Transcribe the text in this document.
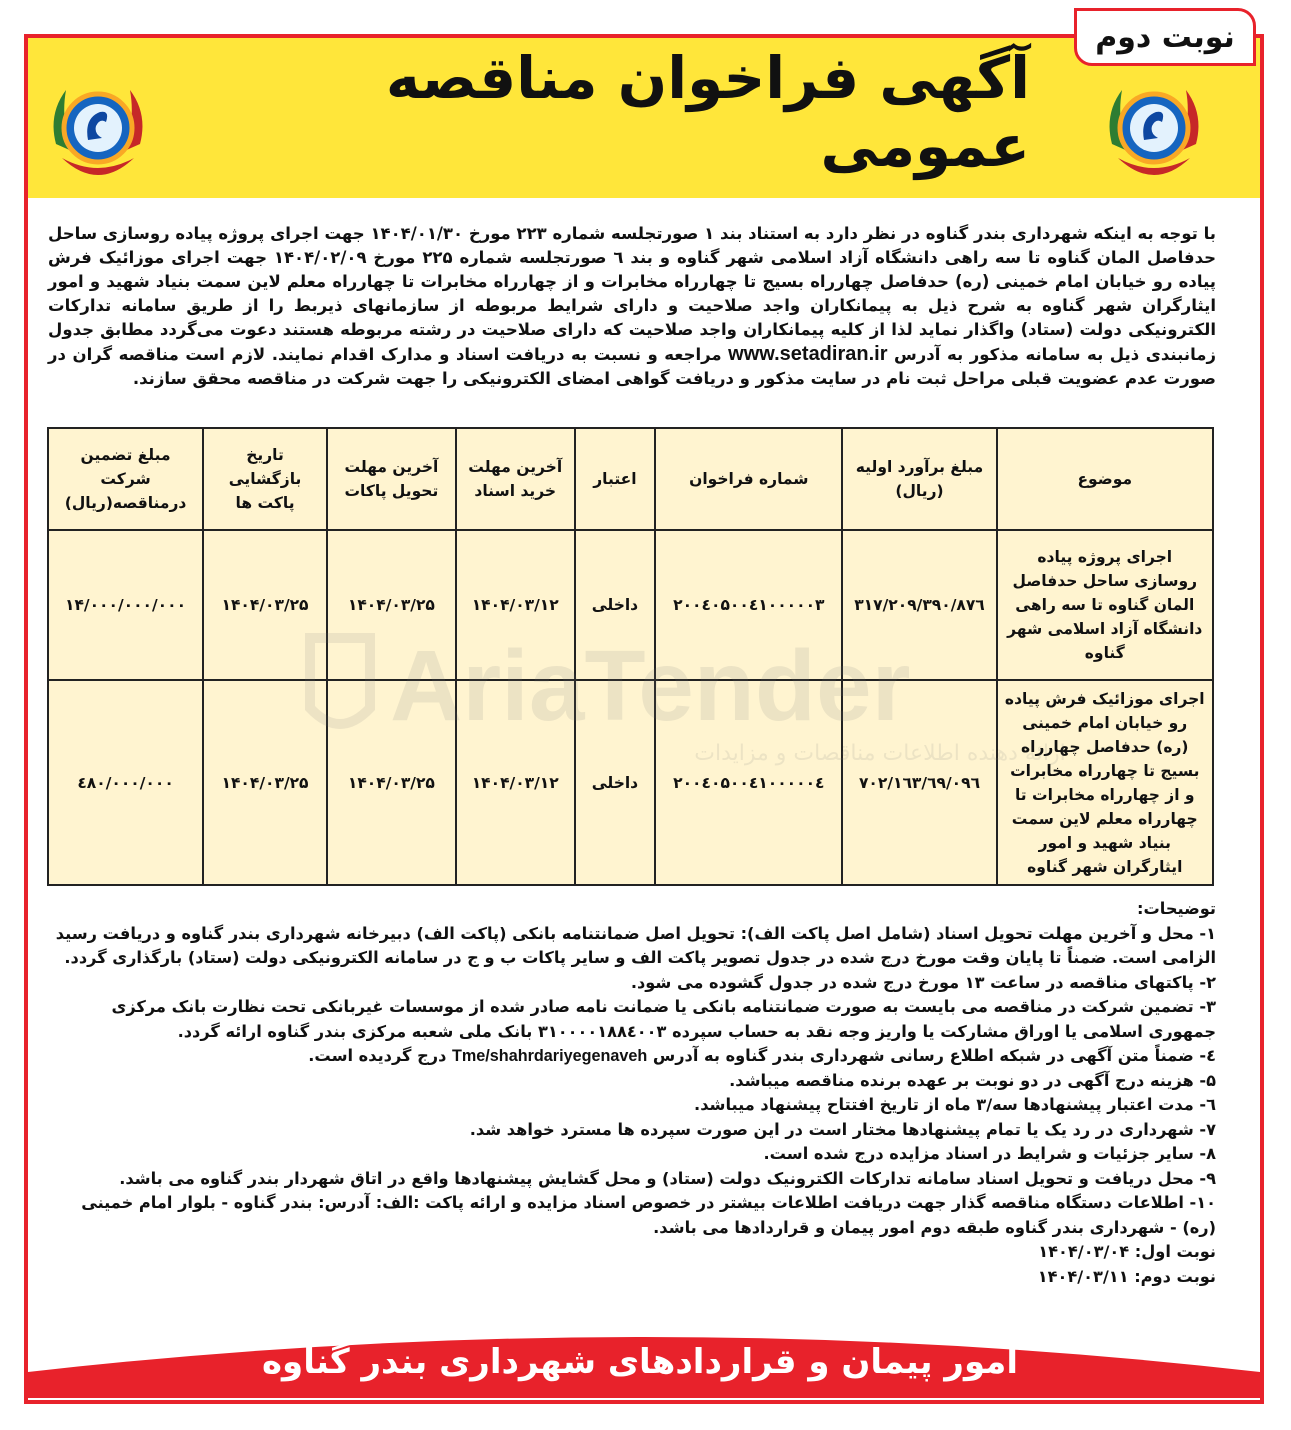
نوبت دوم
آگهی فراخوان مناقصه عمومی
با توجه به اینکه شهرداری بندر گناوه در نظر دارد به استناد بند ۱ صورتجلسه شماره ۲۲۳ مورخ ۱۴۰۴/۰۱/۳۰ جهت اجرای پروژه پیاده روسازی ساحل حدفاصل المان گناوه تا سه راهی دانشگاه آزاد اسلامی شهر گناوه و بند ٦ صورتجلسه شماره ۲۲۵ مورخ ۱۴۰۴/۰۲/۰۹ جهت اجرای موزائیک فرش پیاده رو خیابان امام خمینی (ره) حدفاصل چهارراه بسیج تا چهارراه مخابرات و از چهارراه مخابرات تا چهارراه معلم لاین سمت بنیاد شهید و امور ایثارگران شهر گناوه به شرح ذیل به پیمانکاران واجد صلاحیت و دارای شرایط مربوطه از سازمانهای ذیربط را از طریق سامانه تدارکات الکترونیکی دولت (ستاد) واگذار نماید لذا از کلیه پیمانکاران واجد صلاحیت که دارای صلاحیت در رشته مربوطه هستند دعوت می‌گردد مطابق جدول زمانبندی ذیل به سامانه مذکور به آدرس www.setadiran.ir مراجعه و نسبت به دریافت اسناد و مدارک اقدام نمایند. لازم است مناقصه گران در صورت عدم عضویت قبلی مراحل ثبت نام در سایت مذکور و دریافت گواهی امضای الکترونیکی را جهت شرکت در مناقصه محقق سازند.
موضوع	مبلغ برآورد اولیه (ریال)	شماره فراخوان	اعتبار	آخرین مهلت خرید اسناد	آخرین مهلت تحویل پاکات	تاریخ بازگشایی پاکت ها	مبلغ تضمین شرکت درمناقصه(ریال)
اجرای پروژه پیاده روسازی ساحل حدفاصل المان گناوه تا سه راهی دانشگاه آزاد اسلامی شهر گناوه	۲۰۹/۳۹۰/۸۷٦/۳۱۷	۲۰۰٤۰۵۰۰٤۱۰۰۰۰۰۳	داخلی	۱۴۰۴/۰۳/۱۲	۱۴۰۴/۰۳/۲۵	۱۴۰۴/۰۳/۲۵	۱۴/۰۰۰/۰۰۰/۰۰۰
اجرای موزائیک فرش پیاده رو خیابان امام خمینی (ره) حدفاصل چهارراه بسیج تا چهارراه مخابرات و از چهارراه مخابرات تا چهارراه معلم لاین سمت بنیاد شهید و امور ایثارگران شهر گناوه	٦۹/۰۹٦/۷۰۲/۱٦۳	۲۰۰٤۰۵۰۰٤۱۰۰۰۰۰٤	داخلی	۱۴۰۴/۰۳/۱۲	۱۴۰۴/۰۳/۲۵	۱۴۰۴/۰۳/۲۵	٤۸۰/۰۰۰/۰۰۰
توضیحات:
۱- محل و آخرین مهلت تحویل اسناد (شامل اصل پاکت الف): تحویل اصل ضمانتنامه بانکی (پاکت الف) دبیرخانه شهرداری بندر گناوه و دریافت رسید الزامی است. ضمناً تا پایان وقت مورخ درج شده در جدول تصویر پاکت الف و سایر پاکات ب و ج در سامانه الکترونیکی دولت (ستاد) بارگذاری گردد.
۲- پاکتهای مناقصه در ساعت ۱۳ مورخ درج شده در جدول گشوده می شود.
۳- تضمین شرکت در مناقصه می بایست به صورت ضمانتنامه بانکی یا ضمانت نامه صادر شده از موسسات غیربانکی تحت نظارت بانک مرکزی جمهوری اسلامی یا اوراق مشارکت یا واریز وجه نقد به حساب سپرده ۳۱۰۰۰۰۱۸۸٤۰۰۳ بانک ملی شعبه مرکزی بندر گناوه ارائه گردد.
٤- ضمناً متن آگهی در شبکه اطلاع رسانی شهرداری بندر گناوه به آدرس Tme/shahrdariyegenaveh درج گردیده است.
۵- هزینه درج آگهی در دو نوبت بر عهده برنده مناقصه میباشد.
٦- مدت اعتبار پیشنهادها سه/۳ ماه از تاریخ افتتاح پیشنهاد میباشد.
۷- شهرداری در رد یک یا تمام پیشنهادها مختار است در این صورت سپرده ها مسترد خواهد شد.
۸- سایر جزئیات و شرایط در اسناد مزایده درج شده است.
۹- محل دریافت و تحویل اسناد سامانه تدارکات الکترونیک دولت (ستاد) و محل گشایش پیشنهادها واقع در اتاق شهردار بندر گناوه می باشد.
۱۰- اطلاعات دستگاه مناقصه گذار جهت دریافت اطلاعات بیشتر در خصوص اسناد مزایده و ارائه پاکت :الف: آدرس: بندر گناوه - بلوار امام خمینی (ره) - شهرداری بندر گناوه طبقه دوم امور پیمان و قراردادها می باشد.
نوبت اول: ۱۴۰۴/۰۳/۰۴
نوبت دوم: ۱۴۰۴/۰۳/۱۱
امور پیمان و قراردادهای شهرداری بندر گناوه
